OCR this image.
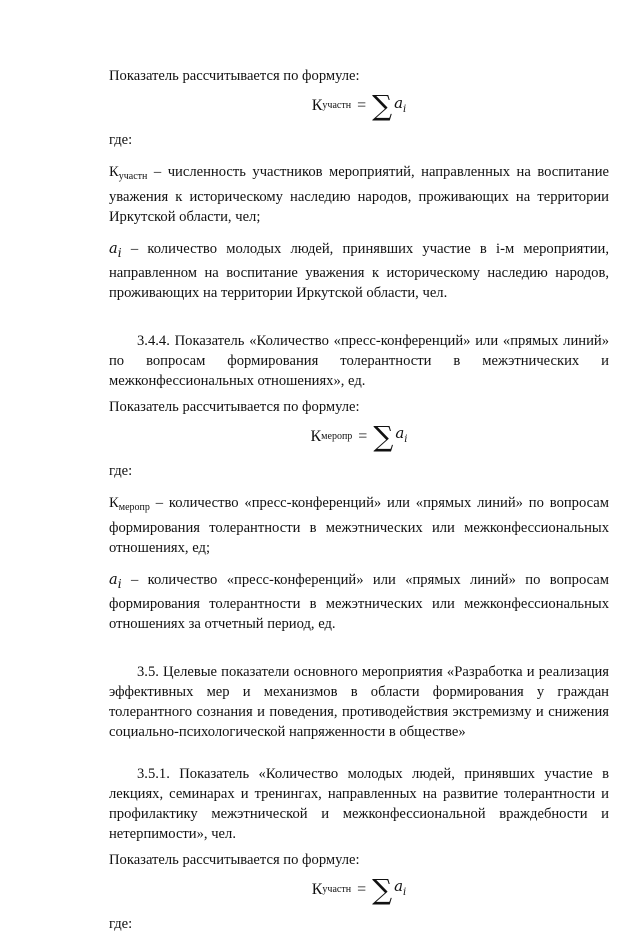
Показатель рассчитывается по формуле:

К участн = ∑ $a_i$

где:

$К_{участн}$ – численность участников мероприятий, направленных на воспитание уважения к историческому наследию народов, проживающих на территории Иркутской области, чел;

$a_i$ – количество молодых людей, принявших участие в i-м мероприятии, направленном на воспитание уважения к историческому наследию народов, проживающих на территории Иркутской области, чел.

3.4.4. Показатель «Количество «пресс-конференций» или «прямых линий» по вопросам формирования толерантности в межэтнических и межконфессиональных отношениях», ед.

Показатель рассчитывается по формуле:

К меропр = ∑ $a_i$

где:

$К_{меропр}$ – количество «пресс-конференций» или «прямых линий» по вопросам формирования толерантности в межэтнических или межконфессиональных отношениях, ед;

$a_i$ – количество «пресс-конференций» или «прямых линий» по вопросам формирования толерантности в межэтнических или межконфессиональных отношениях за отчетный период, ед.

3.5. Целевые показатели основного мероприятия «Разработка и реализация эффективных мер и механизмов в области формирования у граждан толерантного сознания и поведения, противодействия экстремизму и снижения социально-психологической напряженности в обществе»

3.5.1. Показатель «Количество молодых людей, принявших участие в лекциях, семинарах и тренингах, направленных на развитие толерантности и профилактику межэтнической и межконфессиональной враждебности и нетерпимости», чел.

Показатель рассчитывается по формуле:

К участн = ∑ $a_i$

где:
